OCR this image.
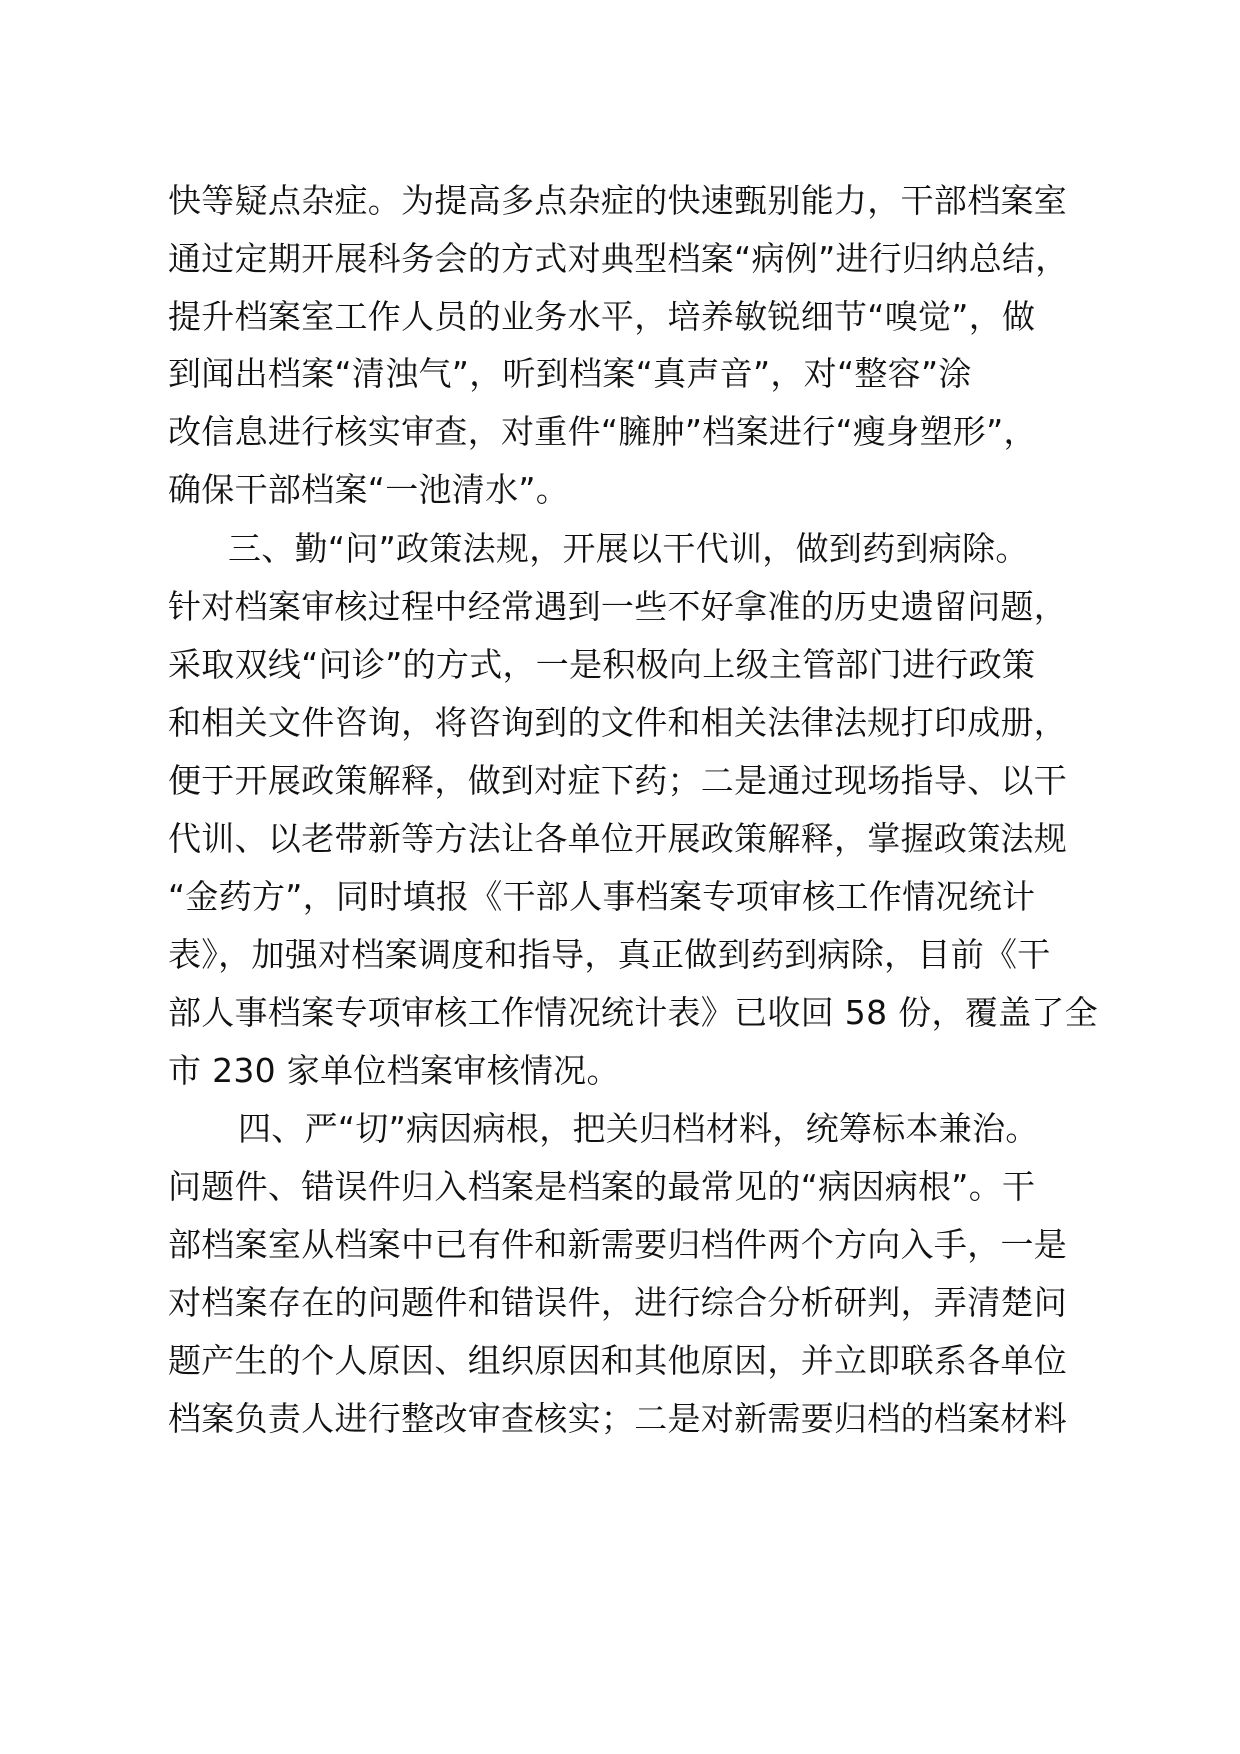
快等疑点杂症。为提高多点杂症的快速甄别能力，干部档案室
通过定期开展科务会的方式对典型档案“病例”进行归纳总结，
提升档案室工作人员的业务水平，培养敏锐细节“嗅觉”，做
到闻出档案“清浊气”，听到档案“真声音”，对“整容”涂
改信息进行核实审查，对重件“臃肿”档案进行“瘦身塑形”，
确保干部档案“一池清水”。
三、勤“问”政策法规，开展以干代训，做到药到病除。
针对档案审核过程中经常遇到一些不好拿准的历史遗留问题，
采取双线“问诊”的方式，一是积极向上级主管部门进行政策
和相关文件咨询，将咨询到的文件和相关法律法规打印成册，
便于开展政策解释，做到对症下药；二是通过现场指导、以干
代训、以老带新等方法让各单位开展政策解释，掌握政策法规
“金药方”，同时填报《干部人事档案专项审核工作情况统计
表》，加强对档案调度和指导，真正做到药到病除，目前《干
部人事档案专项审核工作情况统计表》已收回 58 份，覆盖了全
市 230 家单位档案审核情况。
四、严“切”病因病根，把关归档材料，统筹标本兼治。
问题件、错误件归入档案是档案的最常见的“病因病根”。干
部档案室从档案中已有件和新需要归档件两个方向入手，一是
对档案存在的问题件和错误件，进行综合分析研判，弄清楚问
题产生的个人原因、组织原因和其他原因，并立即联系各单位
档案负责人进行整改审查核实；二是对新需要归档的档案材料
